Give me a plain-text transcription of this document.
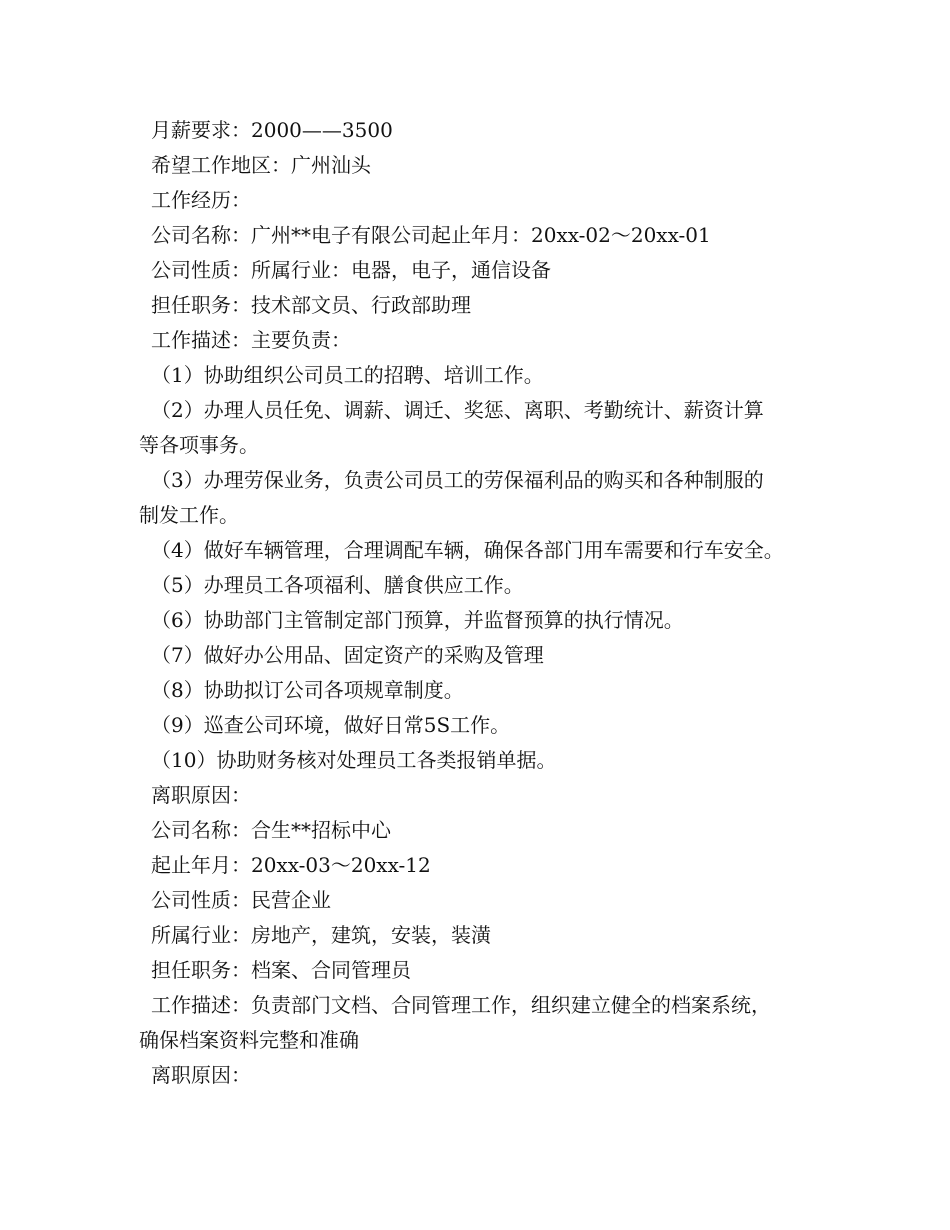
月薪要求：2000——3500
希望工作地区：广州汕头
工作经历：
公司名称：广州**电子有限公司起止年月：20xx-02～20xx-01
公司性质：所属行业：电器，电子，通信设备
担任职务：技术部文员、行政部助理
工作描述：主要负责：
（1）协助组织公司员工的招聘、培训工作。
（2）办理人员任免、调薪、调迁、奖惩、离职、考勤统计、薪资计算
等各项事务。
（3）办理劳保业务，负责公司员工的劳保福利品的购买和各种制服的
制发工作。
（4）做好车辆管理，合理调配车辆，确保各部门用车需要和行车安全。
（5）办理员工各项福利、膳食供应工作。
（6）协助部门主管制定部门预算，并监督预算的执行情况。
（7）做好办公用品、固定资产的采购及管理
（8）协助拟订公司各项规章制度。
（9）巡查公司环境，做好日常5S工作。
（10）协助财务核对处理员工各类报销单据。
离职原因：
公司名称：合生**招标中心
起止年月：20xx-03～20xx-12
公司性质：民营企业
所属行业：房地产，建筑，安装，装潢
担任职务：档案、合同管理员
工作描述：负责部门文档、合同管理工作，组织建立健全的档案系统，
确保档案资料完整和准确
离职原因：
